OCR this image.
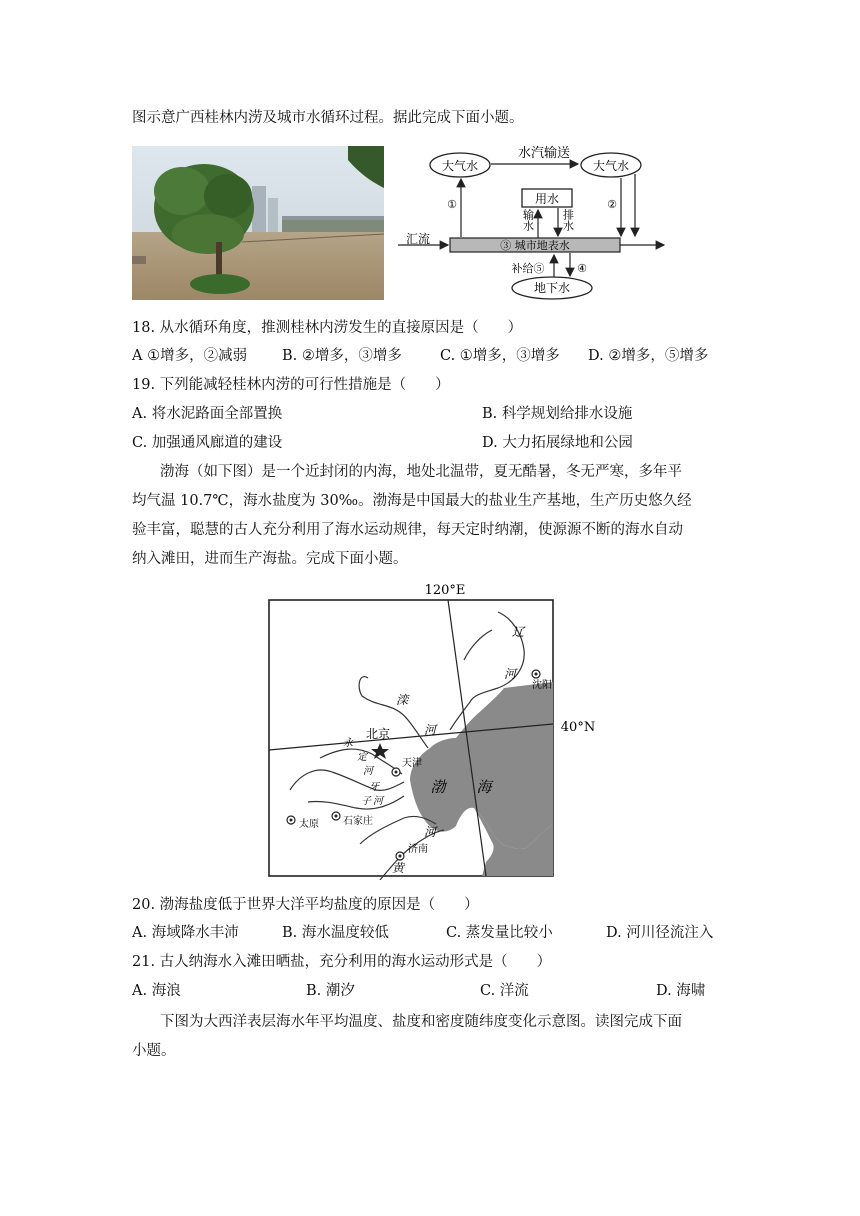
图示意广西桂林内涝及城市水循环过程。据此完成下面小题。
大气水	大气水
水汽输送
用水
输水 排水
③ 城市地表水
汇流
①	②
补给⑤	④
地下水
18. 从水循环角度，推测桂林内涝发生的直接原因是（　　）
A ①增多，②减弱 B. ②增多，③增多	C. ①增多，③增多 D. ②增多，⑤增多
19. 下列能减轻桂林内涝的可行性措施是（　　）
A. 将水泥路面全部置换	B. 科学规划给排水设施
C. 加强通风廊道的建设	D. 大力拓展绿地和公园
渤海（如下图）是一个近封闭的内海，地处北温带，夏无酷暑，冬无严寒，多年平
均气温 10.7℃，海水盐度为 30‰。渤海是中国最大的盐业生产基地，生产历史悠久经
验丰富，聪慧的古人充分利用了海水运动规律，每天定时纳潮，使源源不断的海水自动
纳入滩田，进而生产海盐。完成下面小题。
120°E
40°N
北京
天津
沈阳
太原 石家庄
济南
渤 海
辽
河
滦
河
永
定
河
牙
河
子
河
黄
20. 渤海盐度低于世界大洋平均盐度的原因是（　　）
A. 海域降水丰沛	B. 海水温度较低	C. 蒸发量比较小	D. 河川径流注入
21. 古人纳海水入滩田晒盐，充分利用的海水运动形式是（　　）
A. 海浪	B. 潮汐	C. 洋流	D. 海啸
下图为大西洋表层海水年平均温度、盐度和密度随纬度变化示意图。读图完成下面
小题。
